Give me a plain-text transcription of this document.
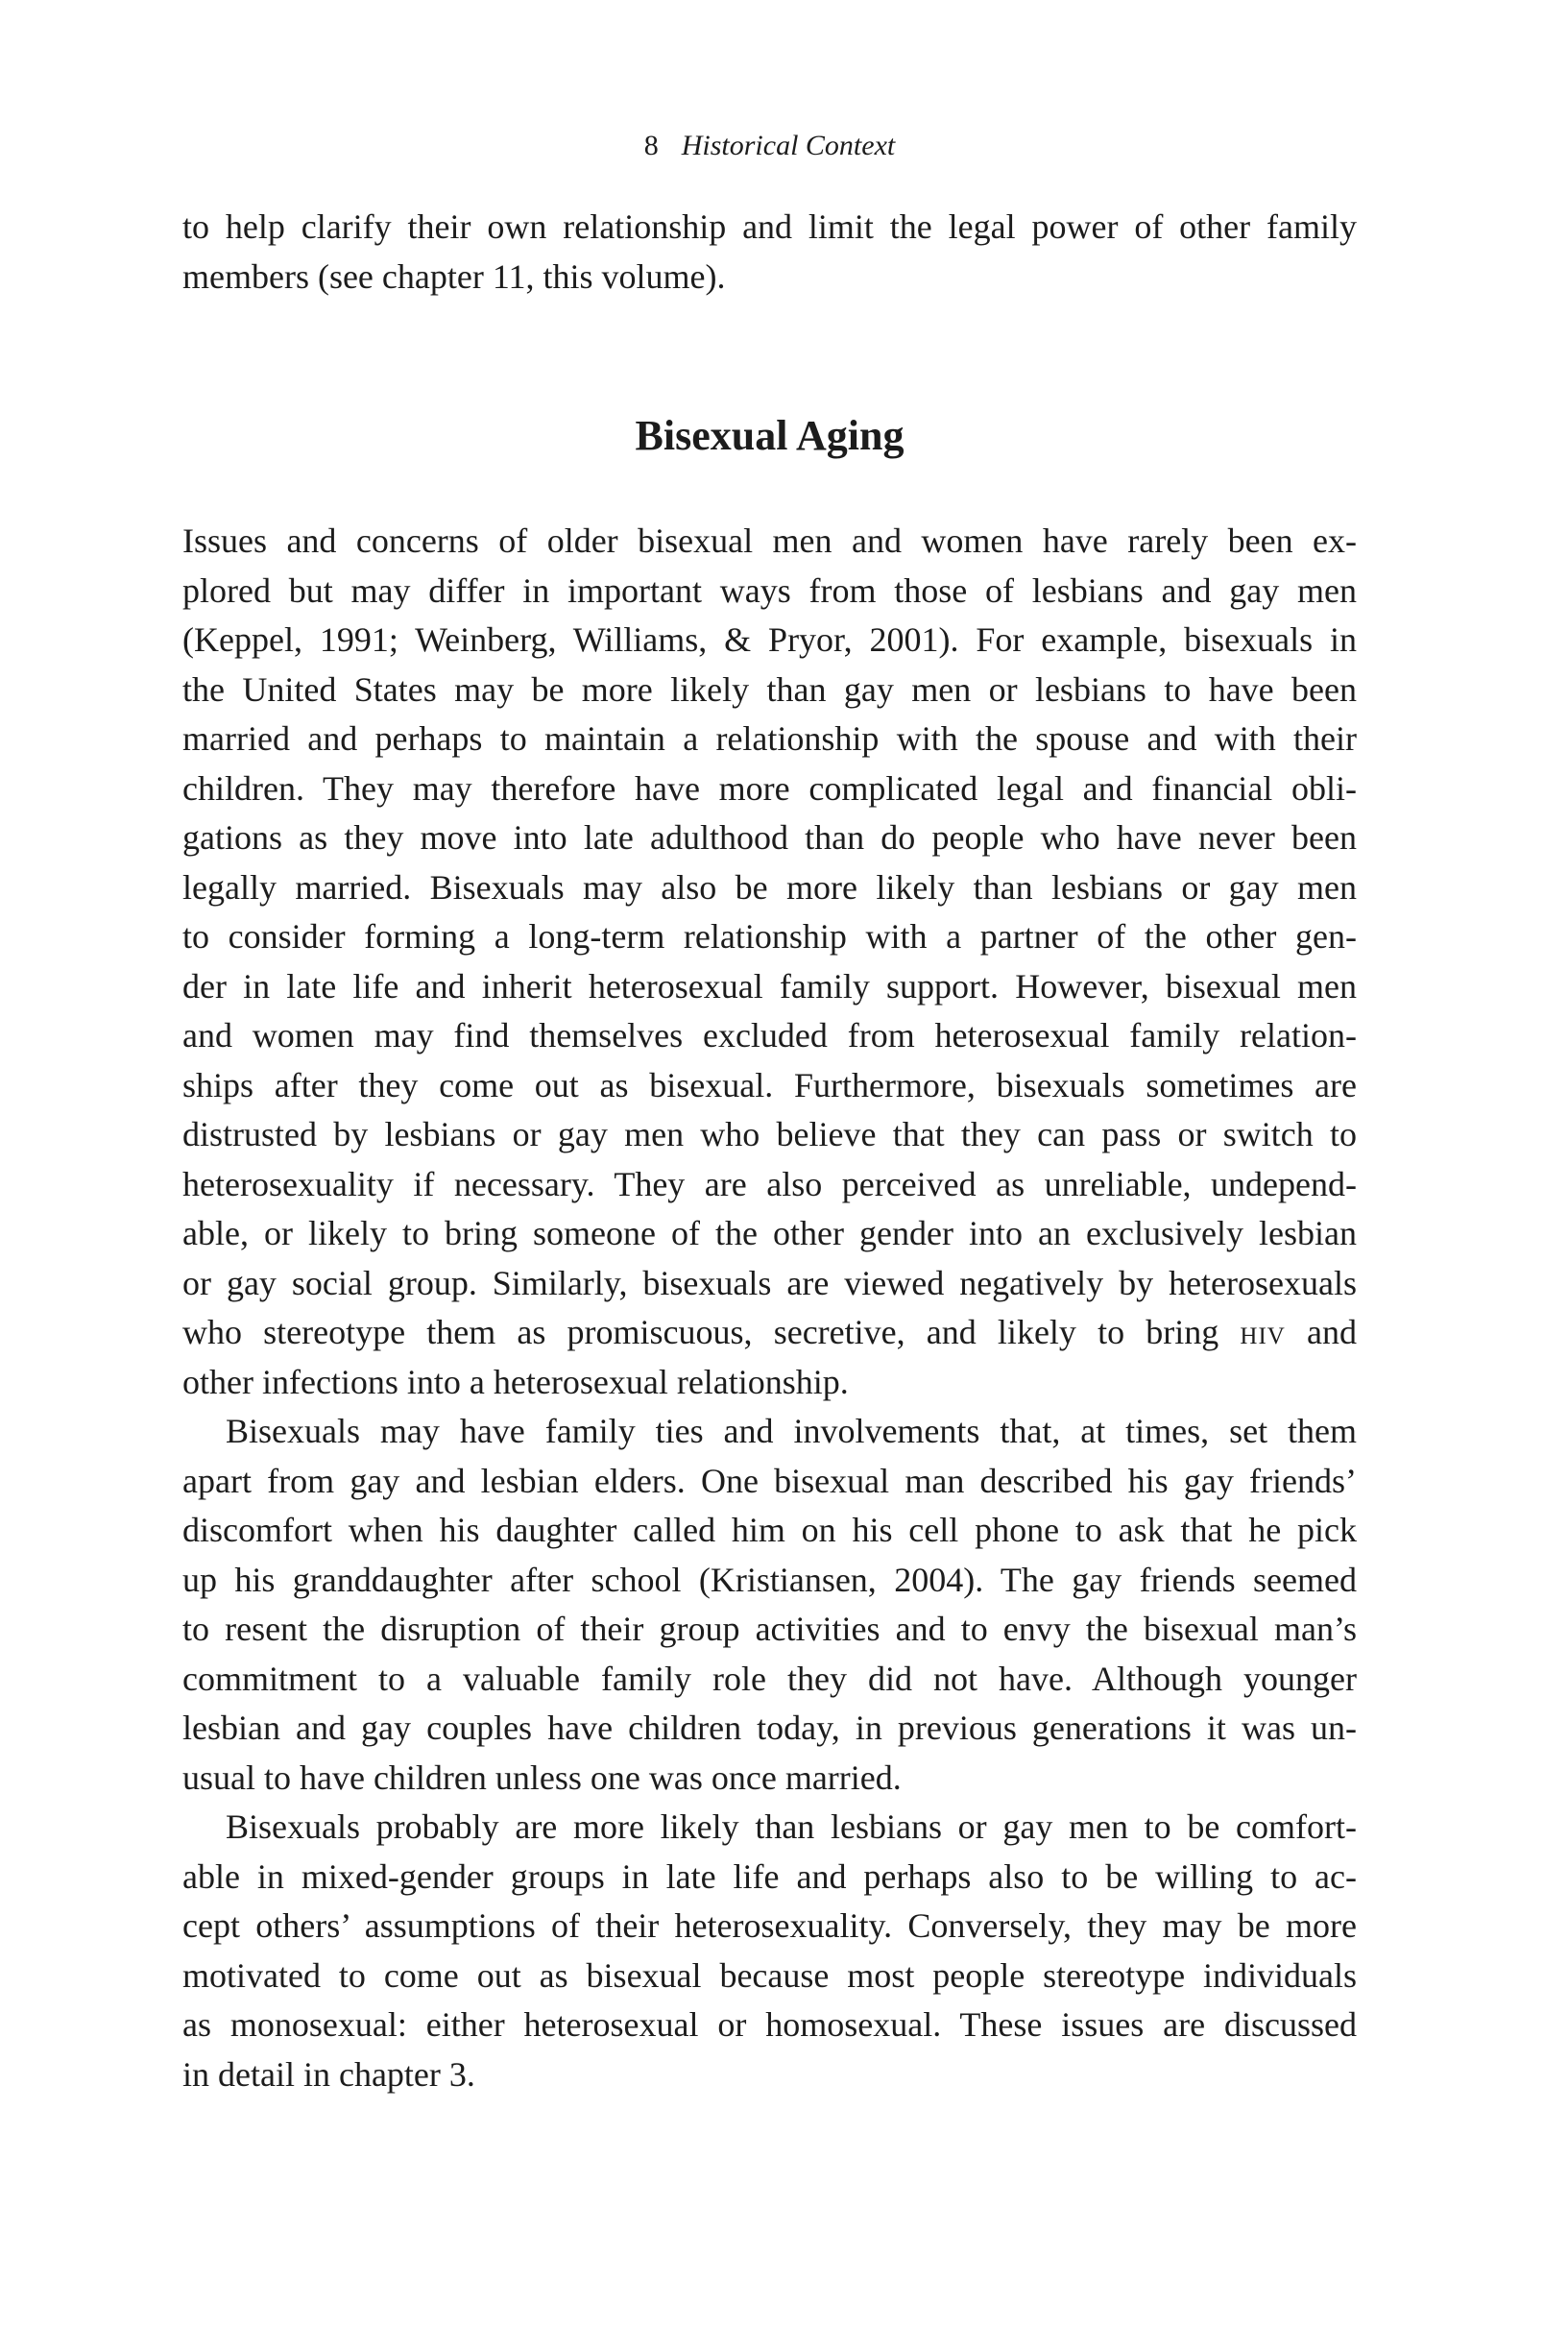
8 Historical Context

to help clarify their own relationship and limit the legal power of other family
members (see chapter 11, this volume).

Bisexual Aging

Issues and concerns of older bisexual men and women have rarely been ex-
plored but may differ in important ways from those of lesbians and gay men
(Keppel, 1991; Weinberg, Williams, & Pryor, 2001). For example, bisexuals in
the United States may be more likely than gay men or lesbians to have been
married and perhaps to maintain a relationship with the spouse and with their
children. They may therefore have more complicated legal and financial obli-
gations as they move into late adulthood than do people who have never been
legally married. Bisexuals may also be more likely than lesbians or gay men
to consider forming a long-term relationship with a partner of the other gen-
der in late life and inherit heterosexual family support. However, bisexual men
and women may find themselves excluded from heterosexual family relation-
ships after they come out as bisexual. Furthermore, bisexuals sometimes are
distrusted by lesbians or gay men who believe that they can pass or switch to
heterosexuality if necessary. They are also perceived as unreliable, undepend-
able, or likely to bring someone of the other gender into an exclusively lesbian
or gay social group. Similarly, bisexuals are viewed negatively by heterosexuals
who stereotype them as promiscuous, secretive, and likely to bring hiv and
other infections into a heterosexual relationship.

Bisexuals may have family ties and involvements that, at times, set them
apart from gay and lesbian elders. One bisexual man described his gay friends’
discomfort when his daughter called him on his cell phone to ask that he pick
up his granddaughter after school (Kristiansen, 2004). The gay friends seemed
to resent the disruption of their group activities and to envy the bisexual man’s
commitment to a valuable family role they did not have. Although younger
lesbian and gay couples have children today, in previous generations it was un-
usual to have children unless one was once married.

Bisexuals probably are more likely than lesbians or gay men to be comfort-
able in mixed-gender groups in late life and perhaps also to be willing to ac-
cept others’ assumptions of their heterosexuality. Conversely, they may be more
motivated to come out as bisexual because most people stereotype individuals
as monosexual: either heterosexual or homosexual. These issues are discussed
in detail in chapter 3.
